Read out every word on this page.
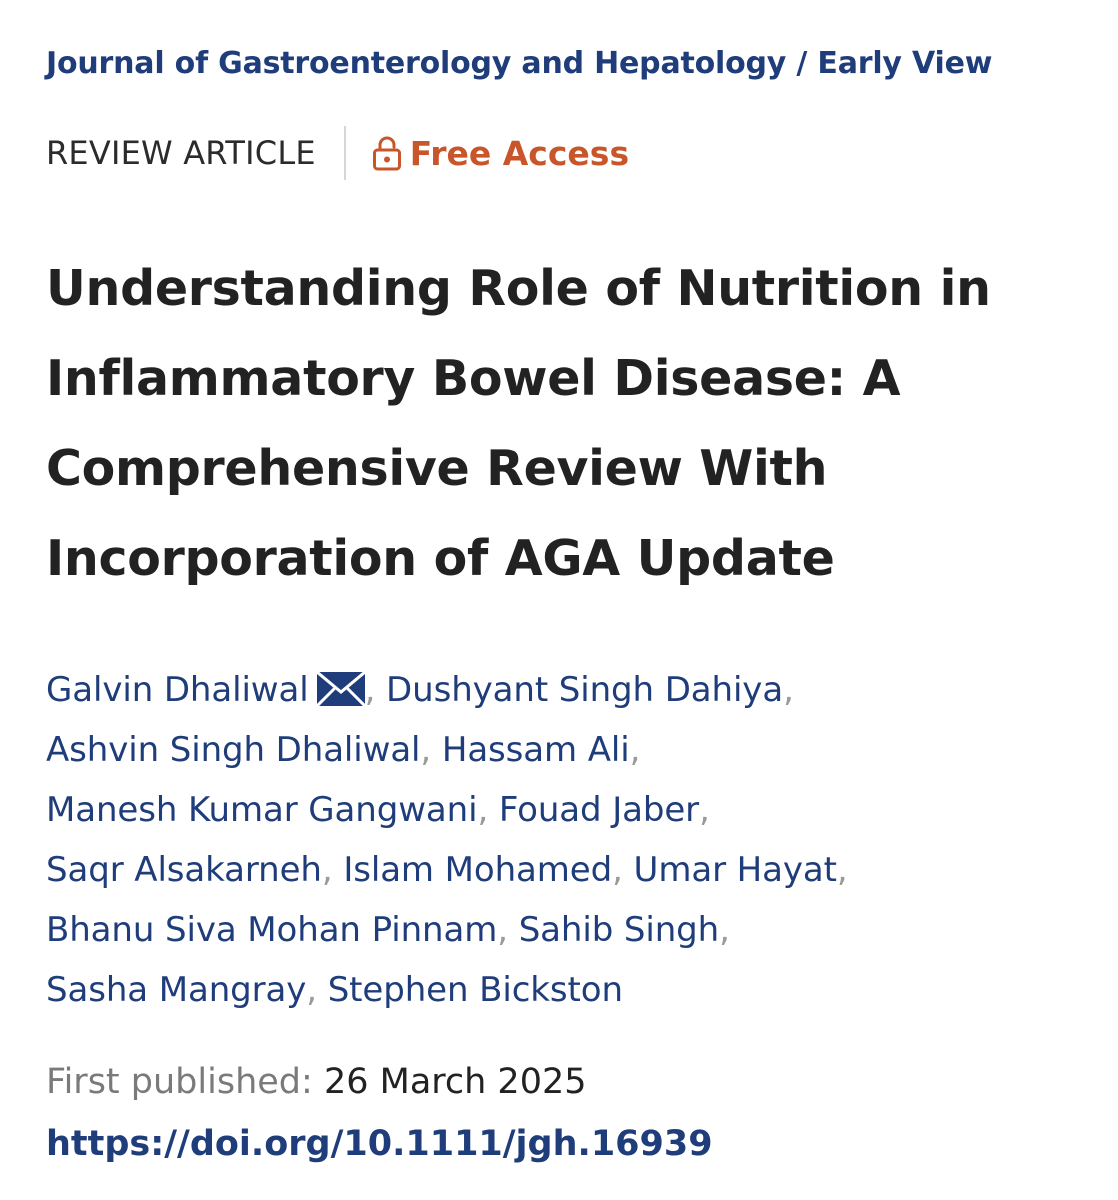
Journal of Gastroenterology and Hepatology / Early View
REVIEW ARTICLE	Free Access
Understanding Role of Nutrition in
Inflammatory Bowel Disease: A
Comprehensive Review With
Incorporation of AGA Update
Galvin Dhaliwal , Dushyant Singh Dahiya,
Ashvin Singh Dhaliwal, Hassam Ali,
Manesh Kumar Gangwani, Fouad Jaber,
Saqr Alsakarneh, Islam Mohamed, Umar Hayat,
Bhanu Siva Mohan Pinnam, Sahib Singh,
Sasha Mangray, Stephen Bickston
First published: 26 March 2025
https://doi.org/10.1111/jgh.16939
